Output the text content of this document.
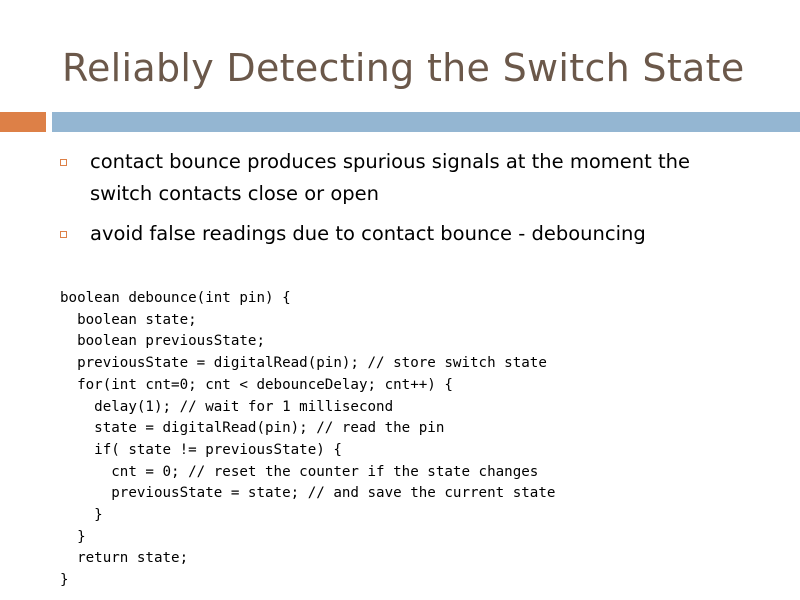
Reliably Detecting the Switch State
contact bounce produces spurious signals at the moment the switch contacts close or open
avoid false readings due to contact bounce - debouncing
boolean debounce(int pin) {
boolean state;
boolean previousState;
previousState = digitalRead(pin); // store switch state
for(int cnt=0; cnt < debounceDelay; cnt++) {
delay(1); // wait for 1 millisecond
state = digitalRead(pin); // read the pin
if( state != previousState) {
cnt = 0; // reset the counter if the state changes
previousState = state; // and save the current state
}
}
return state;
}
